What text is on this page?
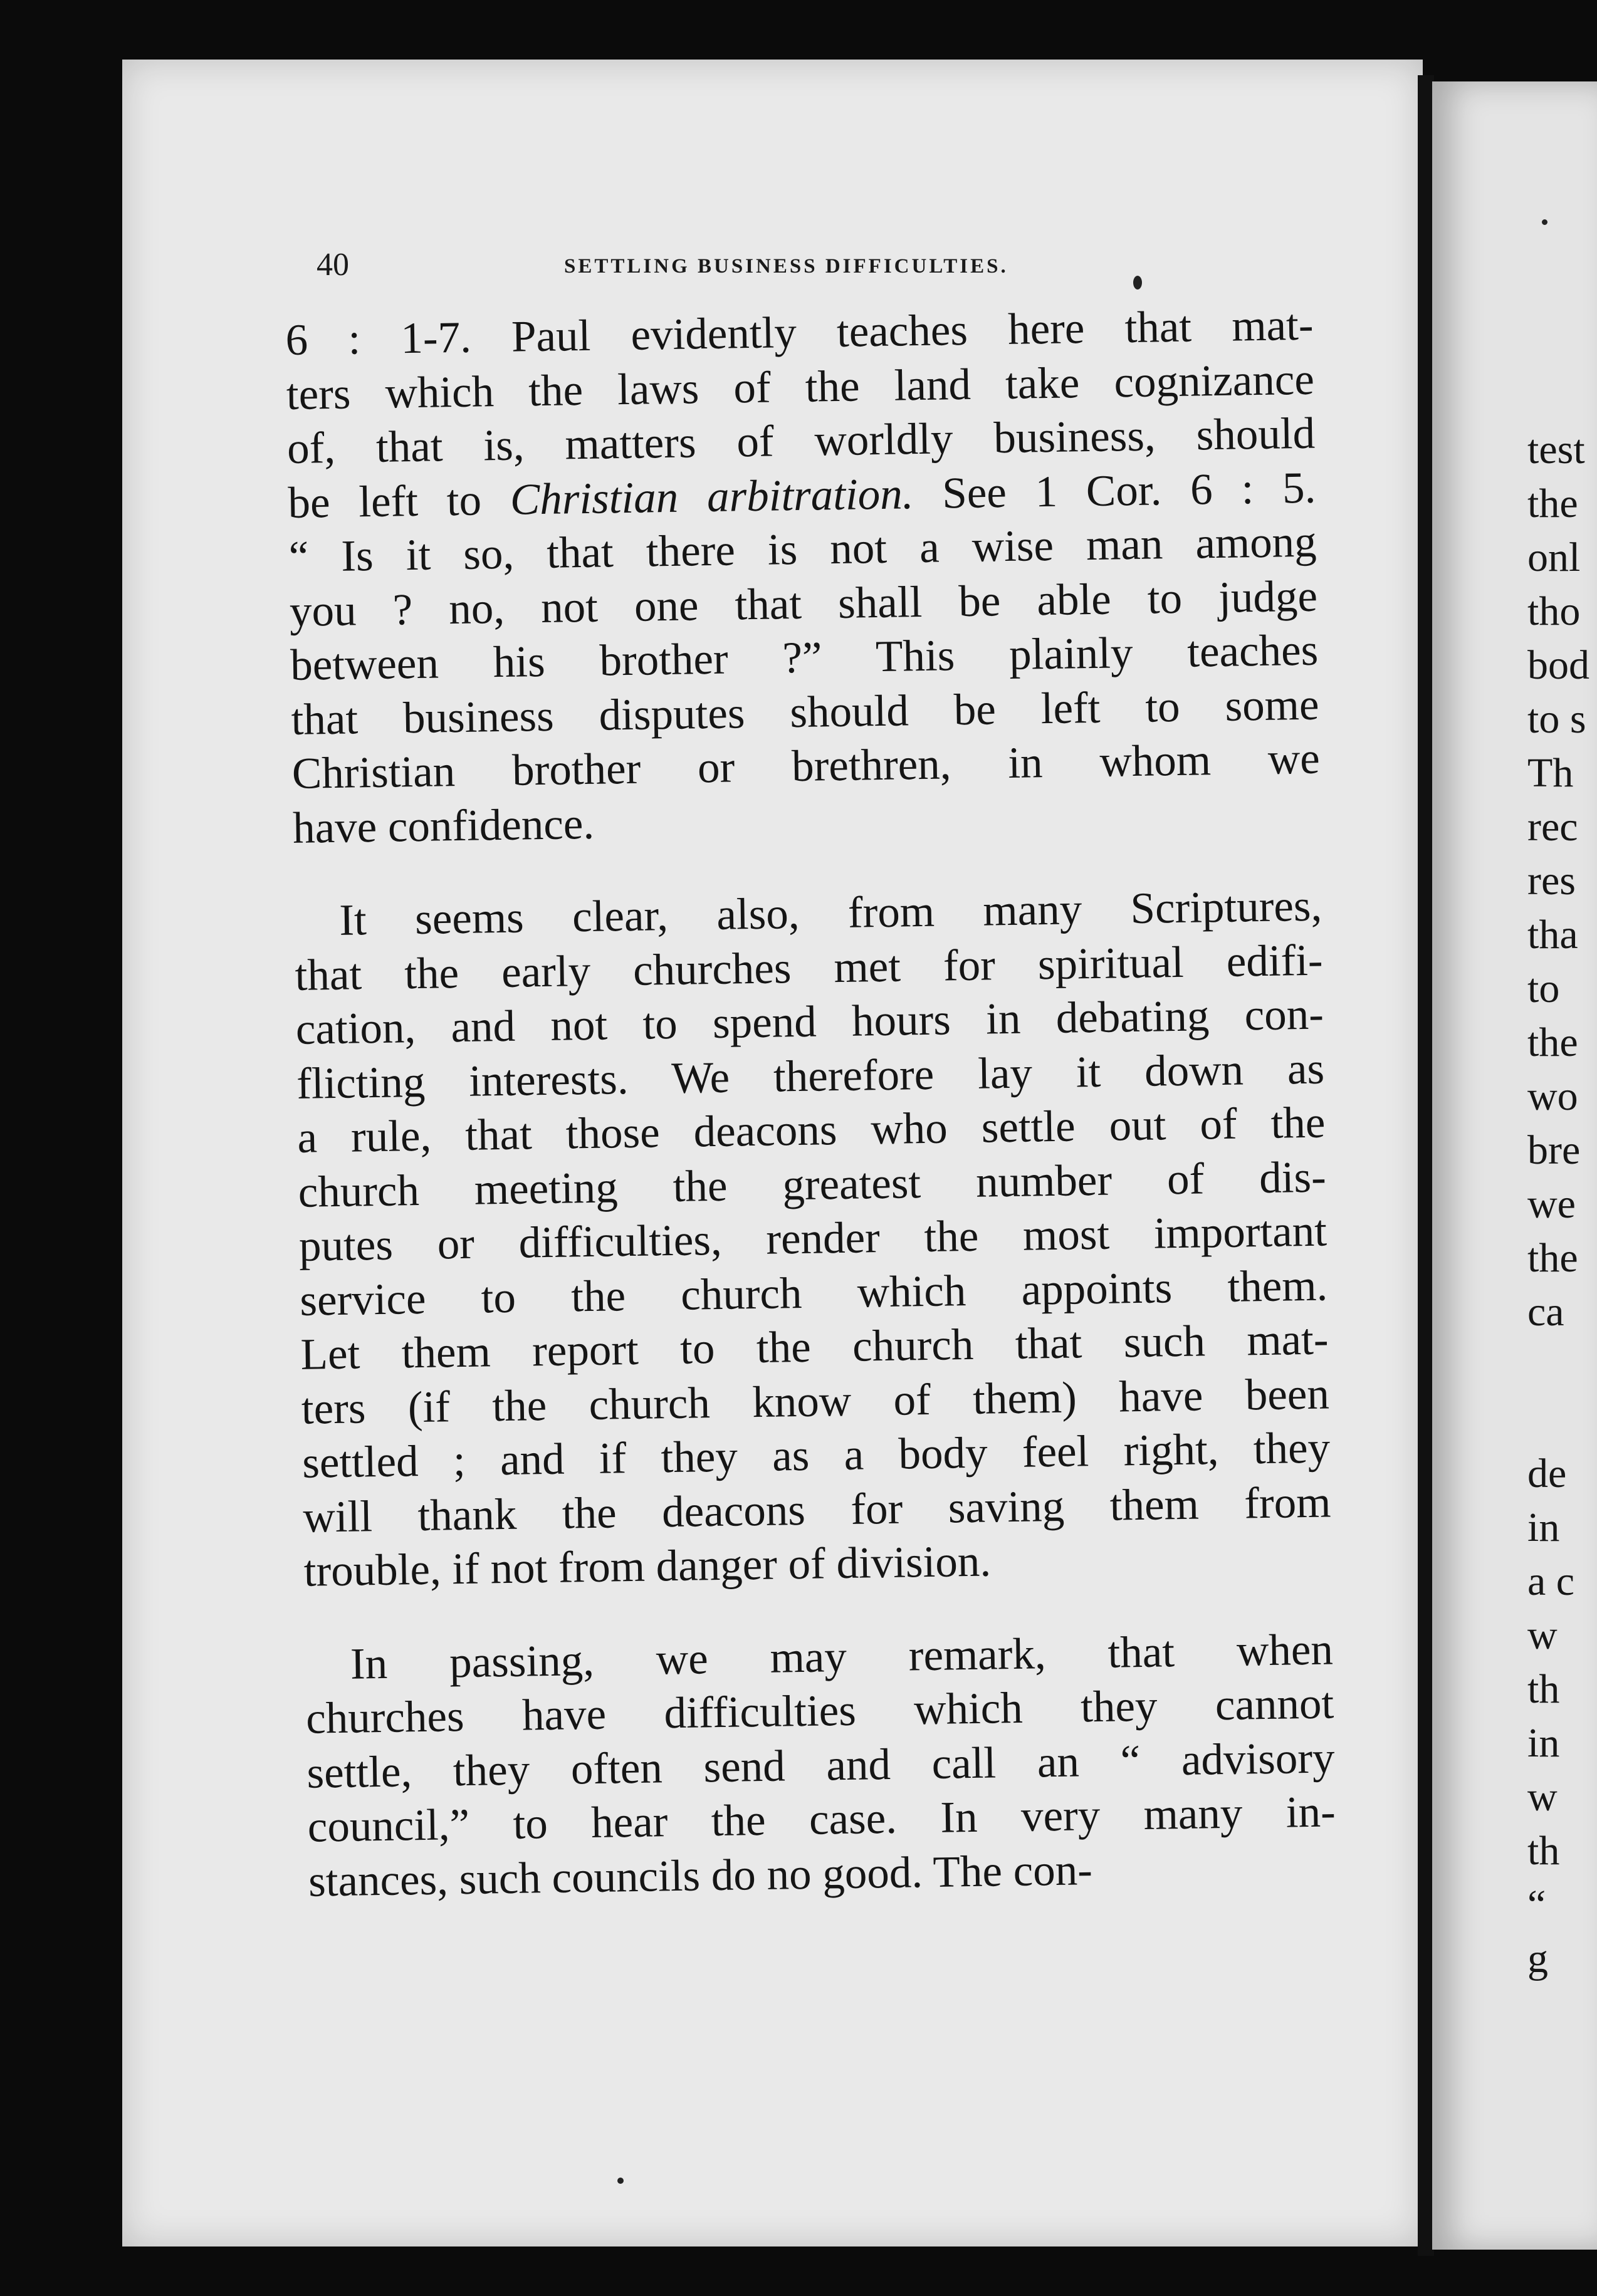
test
the
onl
tho
bod
to s
Th
rec
res
tha
to
the
wo
bre
we
the
ca

de
in
a c
w
th
in
w
th
“
g
40	SETTLING BUSINESS DIFFICULTIES.
6 : 1-7. Paul evidently teaches here that mat-
ters which the laws of the land take cognizance
of, that is, matters of worldly business, should
be left to Christian arbitration. See 1 Cor. 6 : 5.
“ Is it so, that there is not a wise man among
you ? no, not one that shall be able to judge
between his brother ?” This plainly teaches
that business disputes should be left to some
Christian brother or brethren, in whom we
have confidence.
It seems clear, also, from many Scriptures,
that the early churches met for spiritual edifi-
cation, and not to spend hours in debating con-
flicting interests. We therefore lay it down as
a rule, that those deacons who settle out of the
church meeting the greatest number of dis-
putes or difficulties, render the most important
service to the church which appoints them.
Let them report to the church that such mat-
ters (if the church know of them) have been
settled ; and if they as a body feel right, they
will thank the deacons for saving them from
trouble, if not from danger of division.
In passing, we may remark, that when
churches have difficulties which they cannot
settle, they often send and call an “ advisory
council,” to hear the case. In very many in-
stances, such councils do no good. The con-
